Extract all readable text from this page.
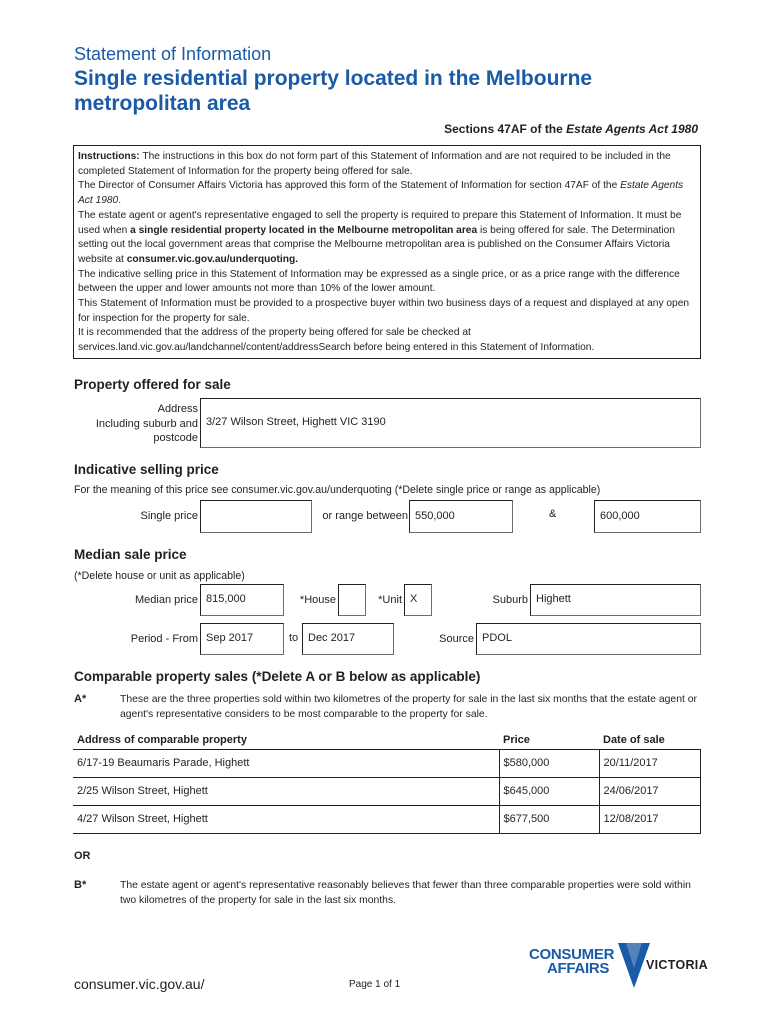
Statement of Information
Single residential property located in the Melbourne metropolitan area
Sections 47AF of the Estate Agents Act 1980

Instructions: The instructions in this box do not form part of this Statement of Information and are not required to be included in the completed Statement of Information for the property being offered for sale.

The Director of Consumer Affairs Victoria has approved this form of the Statement of Information for section 47AF of the Estate Agents Act 1980.

The estate agent or agent's representative engaged to sell the property is required to prepare this Statement of Information. It must be used when a single residential property located in the Melbourne metropolitan area is being offered for sale. The Determination setting out the local government areas that comprise the Melbourne metropolitan area is published on the Consumer Affairs Victoria website at consumer.vic.gov.au/underquoting.

The indicative selling price in this Statement of Information may be expressed as a single price, or as a price range with the difference between the upper and lower amounts not more than 10% of the lower amount.

This Statement of Information must be provided to a prospective buyer within two business days of a request and displayed at any open for inspection for the property for sale.

It is recommended that the address of the property being offered for sale be checked at services.land.vic.gov.au/landchannel/content/addressSearch before being entered in this Statement of Information.

Property offered for sale
Address
Including suburb and
postcode
3/27 Wilson Street, Highett VIC 3190
Indicative selling price
For the meaning of this price see consumer.vic.gov.au/underquoting (*Delete single price or range as applicable)
Single price	or range between 550,000	&	600,000
Median sale price
(*Delete house or unit as applicable)
Median price 815,000	*House	*Unit X	Suburb Highett
Period - From Sep 2017	to Dec 2017	Source PDOL
Comparable property sales (*Delete A or B below as applicable)
A*	These are the three properties sold within two kilometres of the property for sale in the last six months that the estate agent or agent's representative considers to be most comparable to the property for sale.
Address of comparable property	Price	Date of sale
6/17-19 Beaumaris Parade, Highett	$580,000	20/11/2017
2/25 Wilson Street, Highett	$645,000	24/06/2017
4/27 Wilson Street, Highett	$677,500	12/08/2017
OR
B*	The estate agent or agent's representative reasonably believes that fewer than three comparable properties were sold within two kilometres of the property for sale in the last six months.
CONSUMER
AFFAIRS	VICTORIA
consumer.vic.gov.au/	Page 1 of 1
